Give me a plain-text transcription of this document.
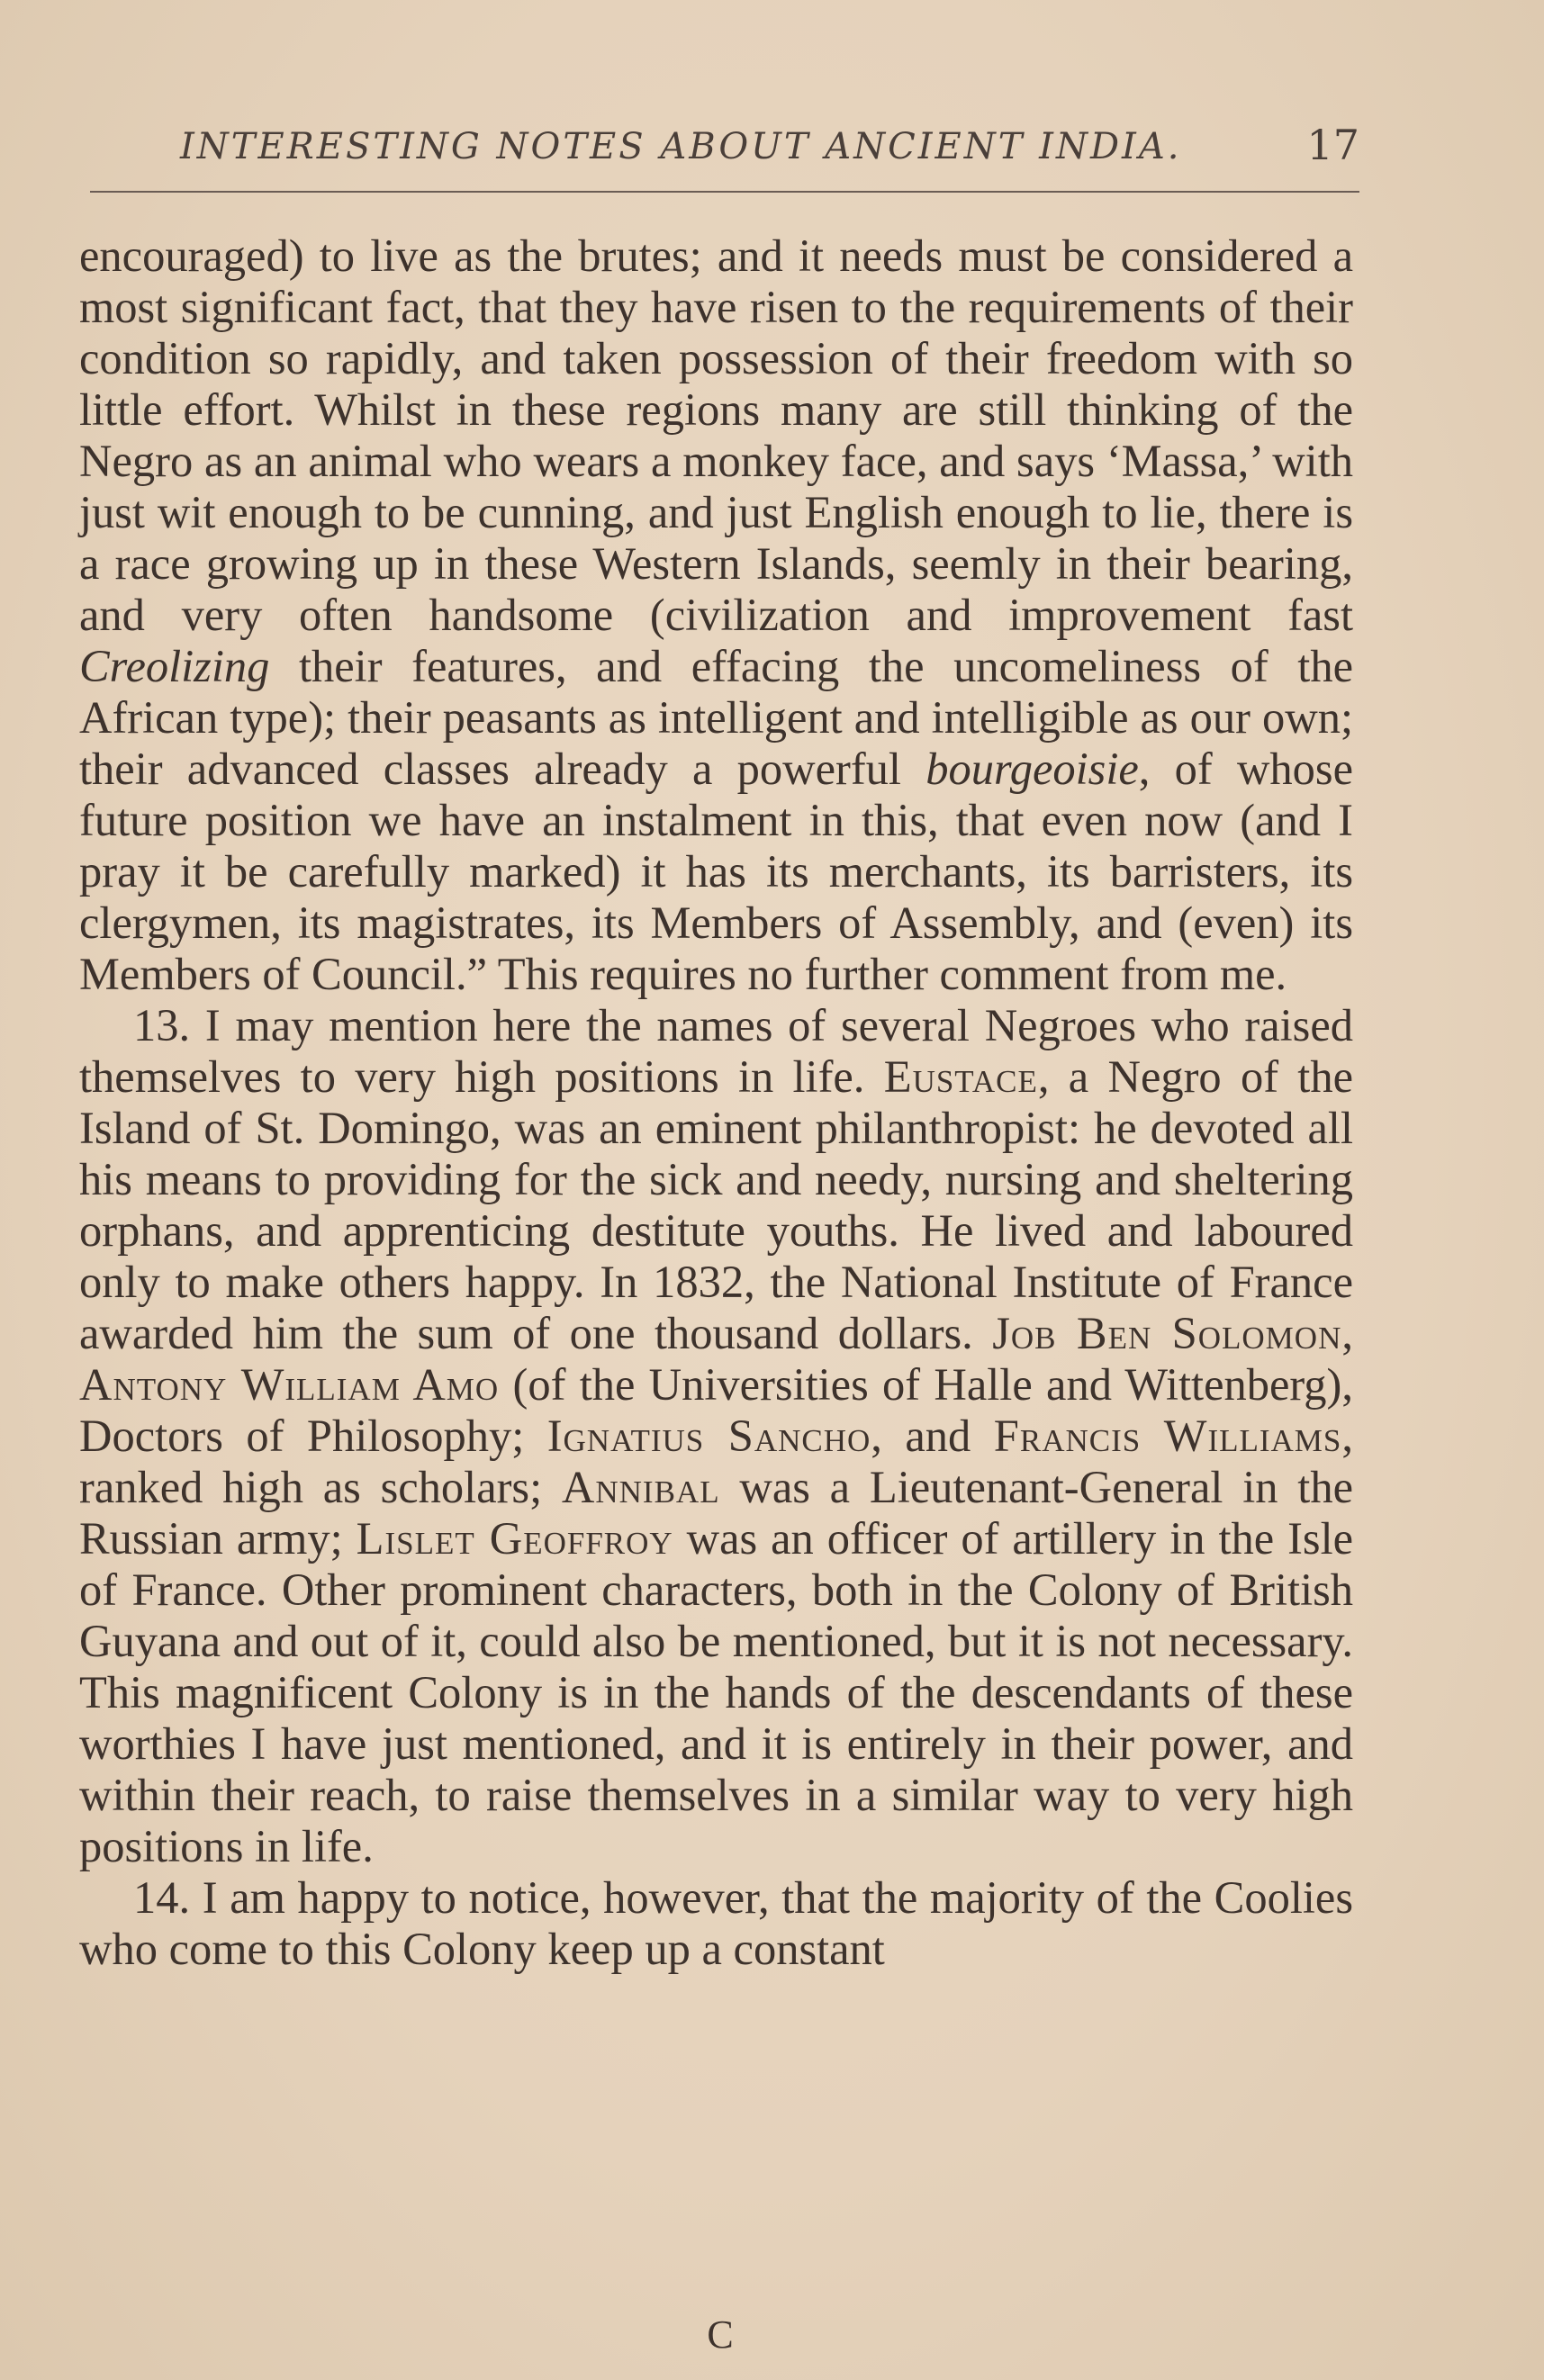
INTERESTING NOTES ABOUT ANCIENT INDIA.	17

encouraged) to live as the brutes; and it needs must be considered a most significant fact, that they have risen to the requirements of their condition so rapidly, and taken possession of their freedom with so little effort. Whilst in these regions many are still thinking of the Negro as an animal who wears a monkey face, and says ‘Massa,’ with just wit enough to be cunning, and just English enough to lie, there is a race growing up in these Western Islands, seemly in their bearing, and very often handsome (civilization and improvement fast Creolizing their features, and effacing the uncomeliness of the African type); their peasants as intelligent and intelligible as our own; their advanced classes already a powerful bourgeoisie, of whose future position we have an instalment in this, that even now (and I pray it be carefully marked) it has its merchants, its barristers, its clergymen, its magistrates, its Members of Assembly, and (even) its Members of Council.” This requires no further comment from me.

13. I may mention here the names of several Negroes who raised themselves to very high positions in life. Eustace, a Negro of the Island of St. Domingo, was an eminent philanthropist: he devoted all his means to providing for the sick and needy, nursing and sheltering orphans, and apprenticing destitute youths. He lived and laboured only to make others happy. In 1832, the National Institute of France awarded him the sum of one thousand dollars. Job Ben Solomon, Antony William Amo (of the Universities of Halle and Wittenberg), Doctors of Philosophy; Ignatius Sancho, and Francis Williams, ranked high as scholars; Annibal was a Lieutenant-General in the Russian army; Lislet Geoffroy was an officer of artillery in the Isle of France. Other prominent characters, both in the Colony of British Guyana and out of it, could also be mentioned, but it is not necessary. This magnificent Colony is in the hands of the descendants of these worthies I have just mentioned, and it is entirely in their power, and within their reach, to raise themselves in a similar way to very high positions in life.

14. I am happy to notice, however, that the majority of the Coolies who come to this Colony keep up a constant

C
